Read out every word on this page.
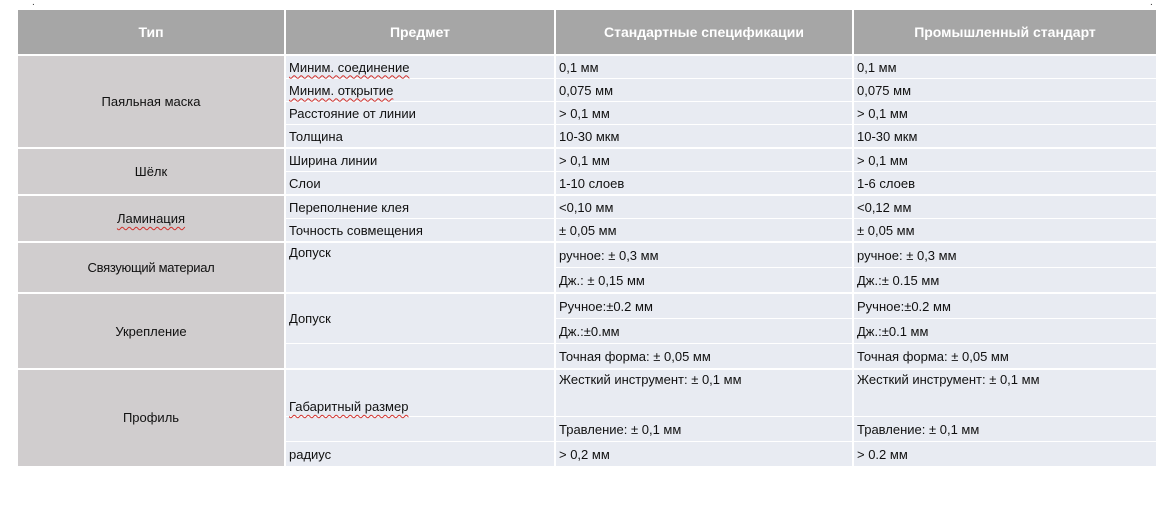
.	.
Тип	Предмет	Стандартные спецификации	Промышленный стандарт
Паяльная маска	Миним. соединение	0,1 мм	0,1 мм
	Миним. открытие	0,075 мм	0,075 мм
	Расстояние от линии	> 0,1 мм	> 0,1 мм
	Толщина	10-30 мкм	10-30 мкм
Шёлк	Ширина линии	> 0,1 мм	> 0,1 мм
	Слои	1-10 слоев	1-6 слоев
Ламинация	Переполнение клея	<0,10 мм	<0,12 мм
	Точность совмещения	± 0,05 мм	± 0,05 мм
Связующий материал	Допуск	ручное: ± 0,3 мм	ручное: ± 0,3 мм
		Дж.: ± 0,15 мм	Дж.:± 0.15 мм
Укрепление	Допуск	Ручное:±0.2 мм	Ручное:±0.2 мм
		Дж.:±0.мм	Дж.:±0.1 мм
		Точная форма: ± 0,05 мм	Точная форма: ± 0,05 мм
Профиль	Габаритный размер	Жесткий инструмент: ± 0,1 мм	Жесткий инструмент: ± 0,1 мм
		Травление: ± 0,1 мм	Травление: ± 0,1 мм
	радиус	> 0,2 мм	> 0.2 мм
